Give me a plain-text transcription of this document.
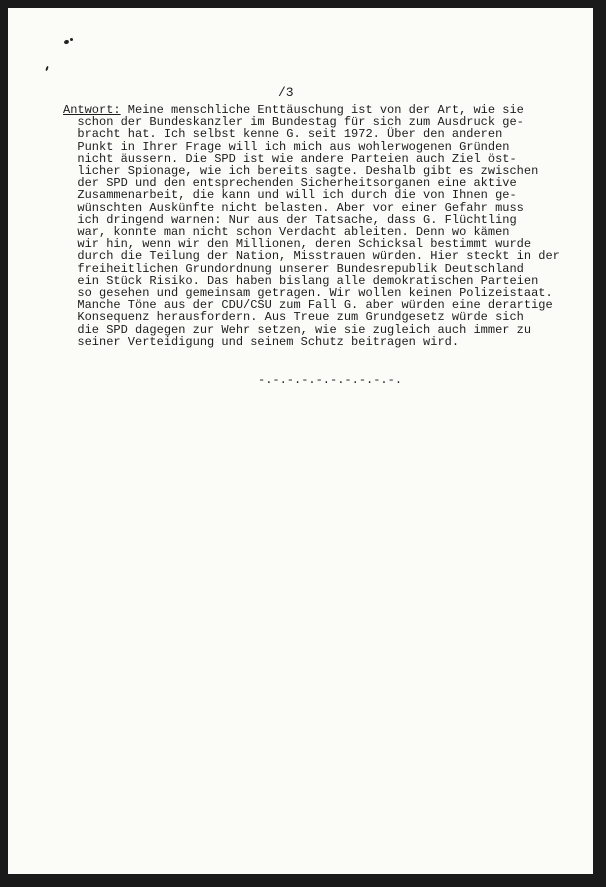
/3

Antwort: Meine menschliche Enttäuschung ist von der Art, wie sie
schon der Bundeskanzler im Bundestag für sich zum Ausdruck ge-
bracht hat. Ich selbst kenne G. seit 1972. Über den anderen
Punkt in Ihrer Frage will ich mich aus wohlerwogenen Gründen
nicht äussern. Die SPD ist wie andere Parteien auch Ziel öst-
licher Spionage, wie ich bereits sagte. Deshalb gibt es zwischen
der SPD und den entsprechenden Sicherheitsorganen eine aktive
Zusammenarbeit, die kann und will ich durch die von Ihnen ge-
wünschten Auskünfte nicht belasten. Aber vor einer Gefahr muss
ich dringend warnen: Nur aus der Tatsache, dass G. Flüchtling
war, konnte man nicht schon Verdacht ableiten. Denn wo kämen
wir hin, wenn wir den Millionen, deren Schicksal bestimmt wurde
durch die Teilung der Nation, Misstrauen würden. Hier steckt in der
freiheitlichen Grundordnung unserer Bundesrepublik Deutschland
ein Stück Risiko. Das haben bislang alle demokratischen Parteien
so gesehen und gemeinsam getragen. Wir wollen keinen Polizeistaat.
Manche Töne aus der CDU/CSU zum Fall G. aber würden eine derartige
Konsequenz herausfordern. Aus Treue zum Grundgesetz würde sich
die SPD dagegen zur Wehr setzen, wie sie zugleich auch immer zu
seiner Verteidigung und seinem Schutz beitragen wird.

-.-.-.-.-.-.-.-.-.-.
